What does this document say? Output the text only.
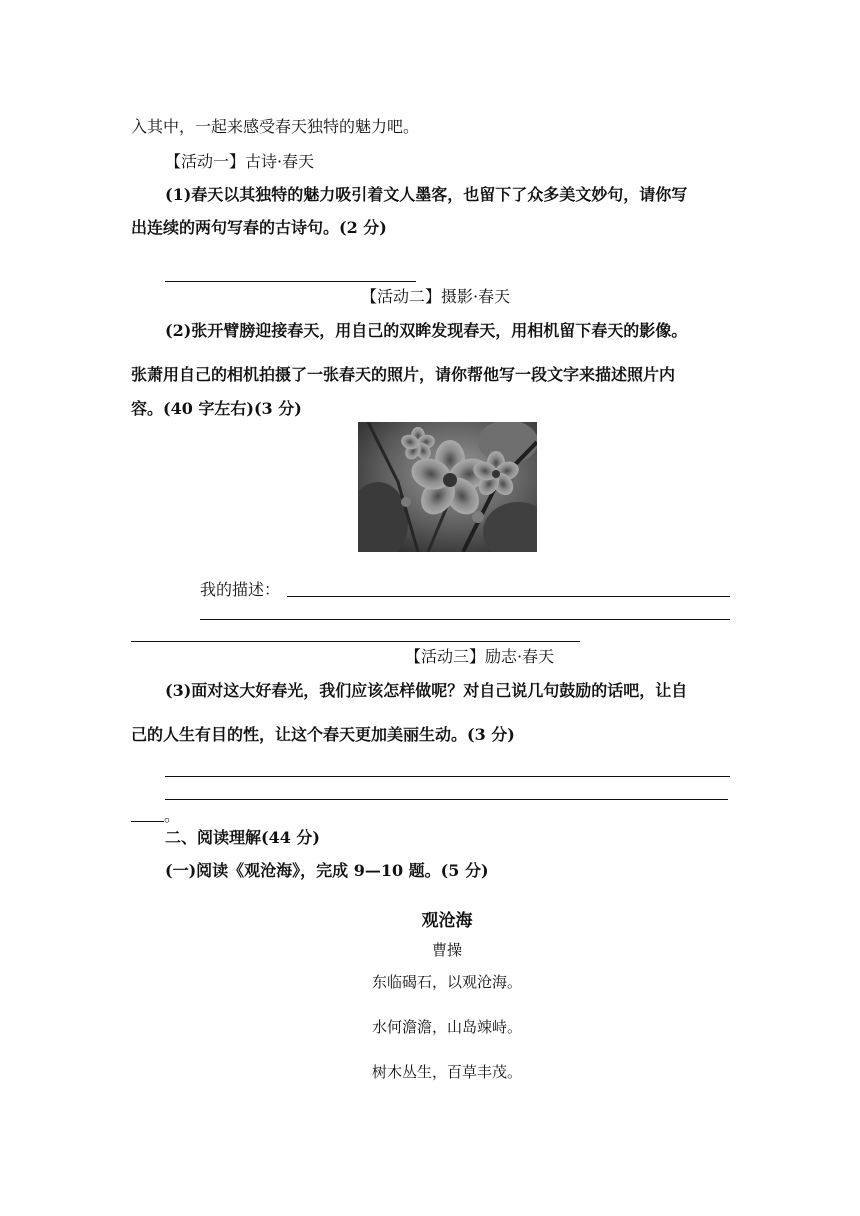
入其中，一起来感受春天独特的魅力吧。
【活动一】古诗·春天
(1)春天以其独特的魅力吸引着文人墨客，也留下了众多美文妙句，请你写
出连续的两句写春的古诗句。(2 分)
【活动二】摄影·春天
(2)张开臂膀迎接春天，用自己的双眸发现春天，用相机留下春天的影像。
张萧用自己的相机拍摄了一张春天的照片，请你帮他写一段文字来描述照片内
容。(40 字左右)(3 分)
我的描述：
【活动三】励志·春天
(3)面对这大好春光，我们应该怎样做呢？对自己说几句鼓励的话吧，让自
己的人生有目的性，让这个春天更加美丽生动。(3 分)
。
二、阅读理解(44 分)
(一)阅读《观沧海》，完成 9—10 题。(5 分)
观沧海
曹操
东临碣石，以观沧海。
水何澹澹，山岛竦峙。
树木丛生，百草丰茂。
